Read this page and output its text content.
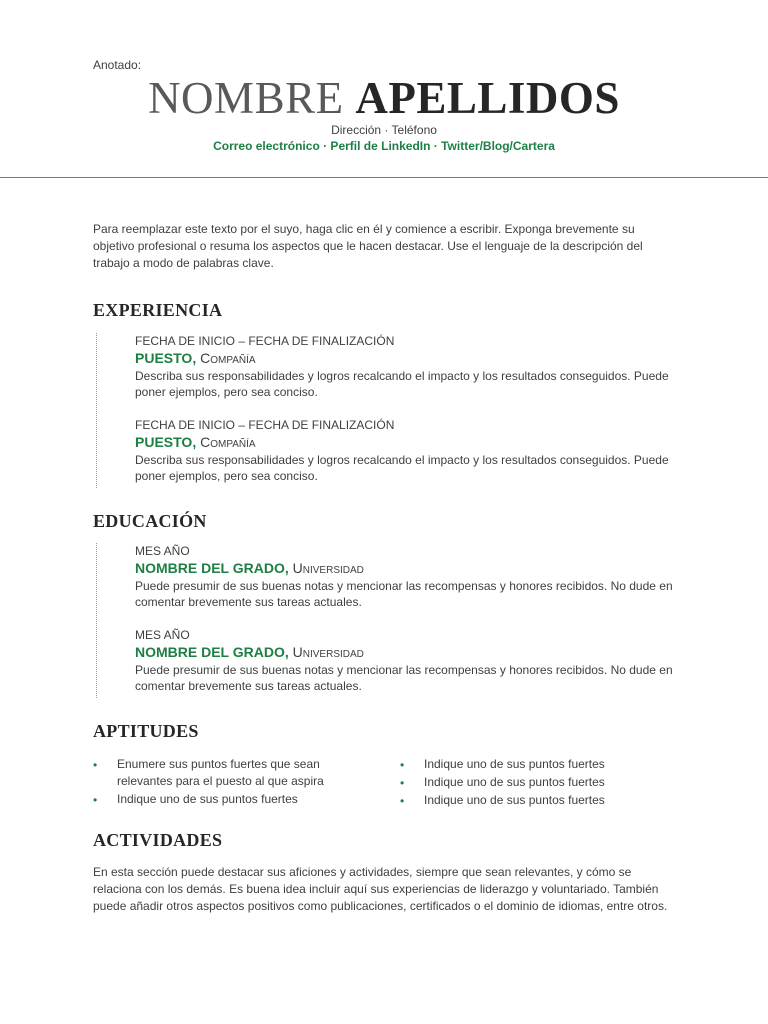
Anotado:
NOMBRE APELLIDOS
Dirección · Teléfono
Correo electrónico · Perfil de LinkedIn · Twitter/Blog/Cartera
Para reemplazar este texto por el suyo, haga clic en él y comience a escribir. Exponga brevemente su objetivo profesional o resuma los aspectos que le hacen destacar. Use el lenguaje de la descripción del trabajo a modo de palabras clave.
EXPERIENCIA
FECHA DE INICIO – FECHA DE FINALIZACIÓN
PUESTO, Compañía
Describa sus responsabilidades y logros recalcando el impacto y los resultados conseguidos. Puede poner ejemplos, pero sea conciso.
FECHA DE INICIO – FECHA DE FINALIZACIÓN
PUESTO, Compañía
Describa sus responsabilidades y logros recalcando el impacto y los resultados conseguidos. Puede poner ejemplos, pero sea conciso.
EDUCACIÓN
MES AÑO
NOMBRE DEL GRADO, Universidad
Puede presumir de sus buenas notas y mencionar las recompensas y honores recibidos. No dude en comentar brevemente sus tareas actuales.
MES AÑO
NOMBRE DEL GRADO, Universidad
Puede presumir de sus buenas notas y mencionar las recompensas y honores recibidos. No dude en comentar brevemente sus tareas actuales.
APTITUDES
• Enumere sus puntos fuertes que sean relevantes para el puesto al que aspira
• Indique uno de sus puntos fuertes
• Indique uno de sus puntos fuertes
• Indique uno de sus puntos fuertes
• Indique uno de sus puntos fuertes
ACTIVIDADES
En esta sección puede destacar sus aficiones y actividades, siempre que sean relevantes, y cómo se relaciona con los demás. Es buena idea incluir aquí sus experiencias de liderazgo y voluntariado. También puede añadir otros aspectos positivos como publicaciones, certificados o el dominio de idiomas, entre otros.
